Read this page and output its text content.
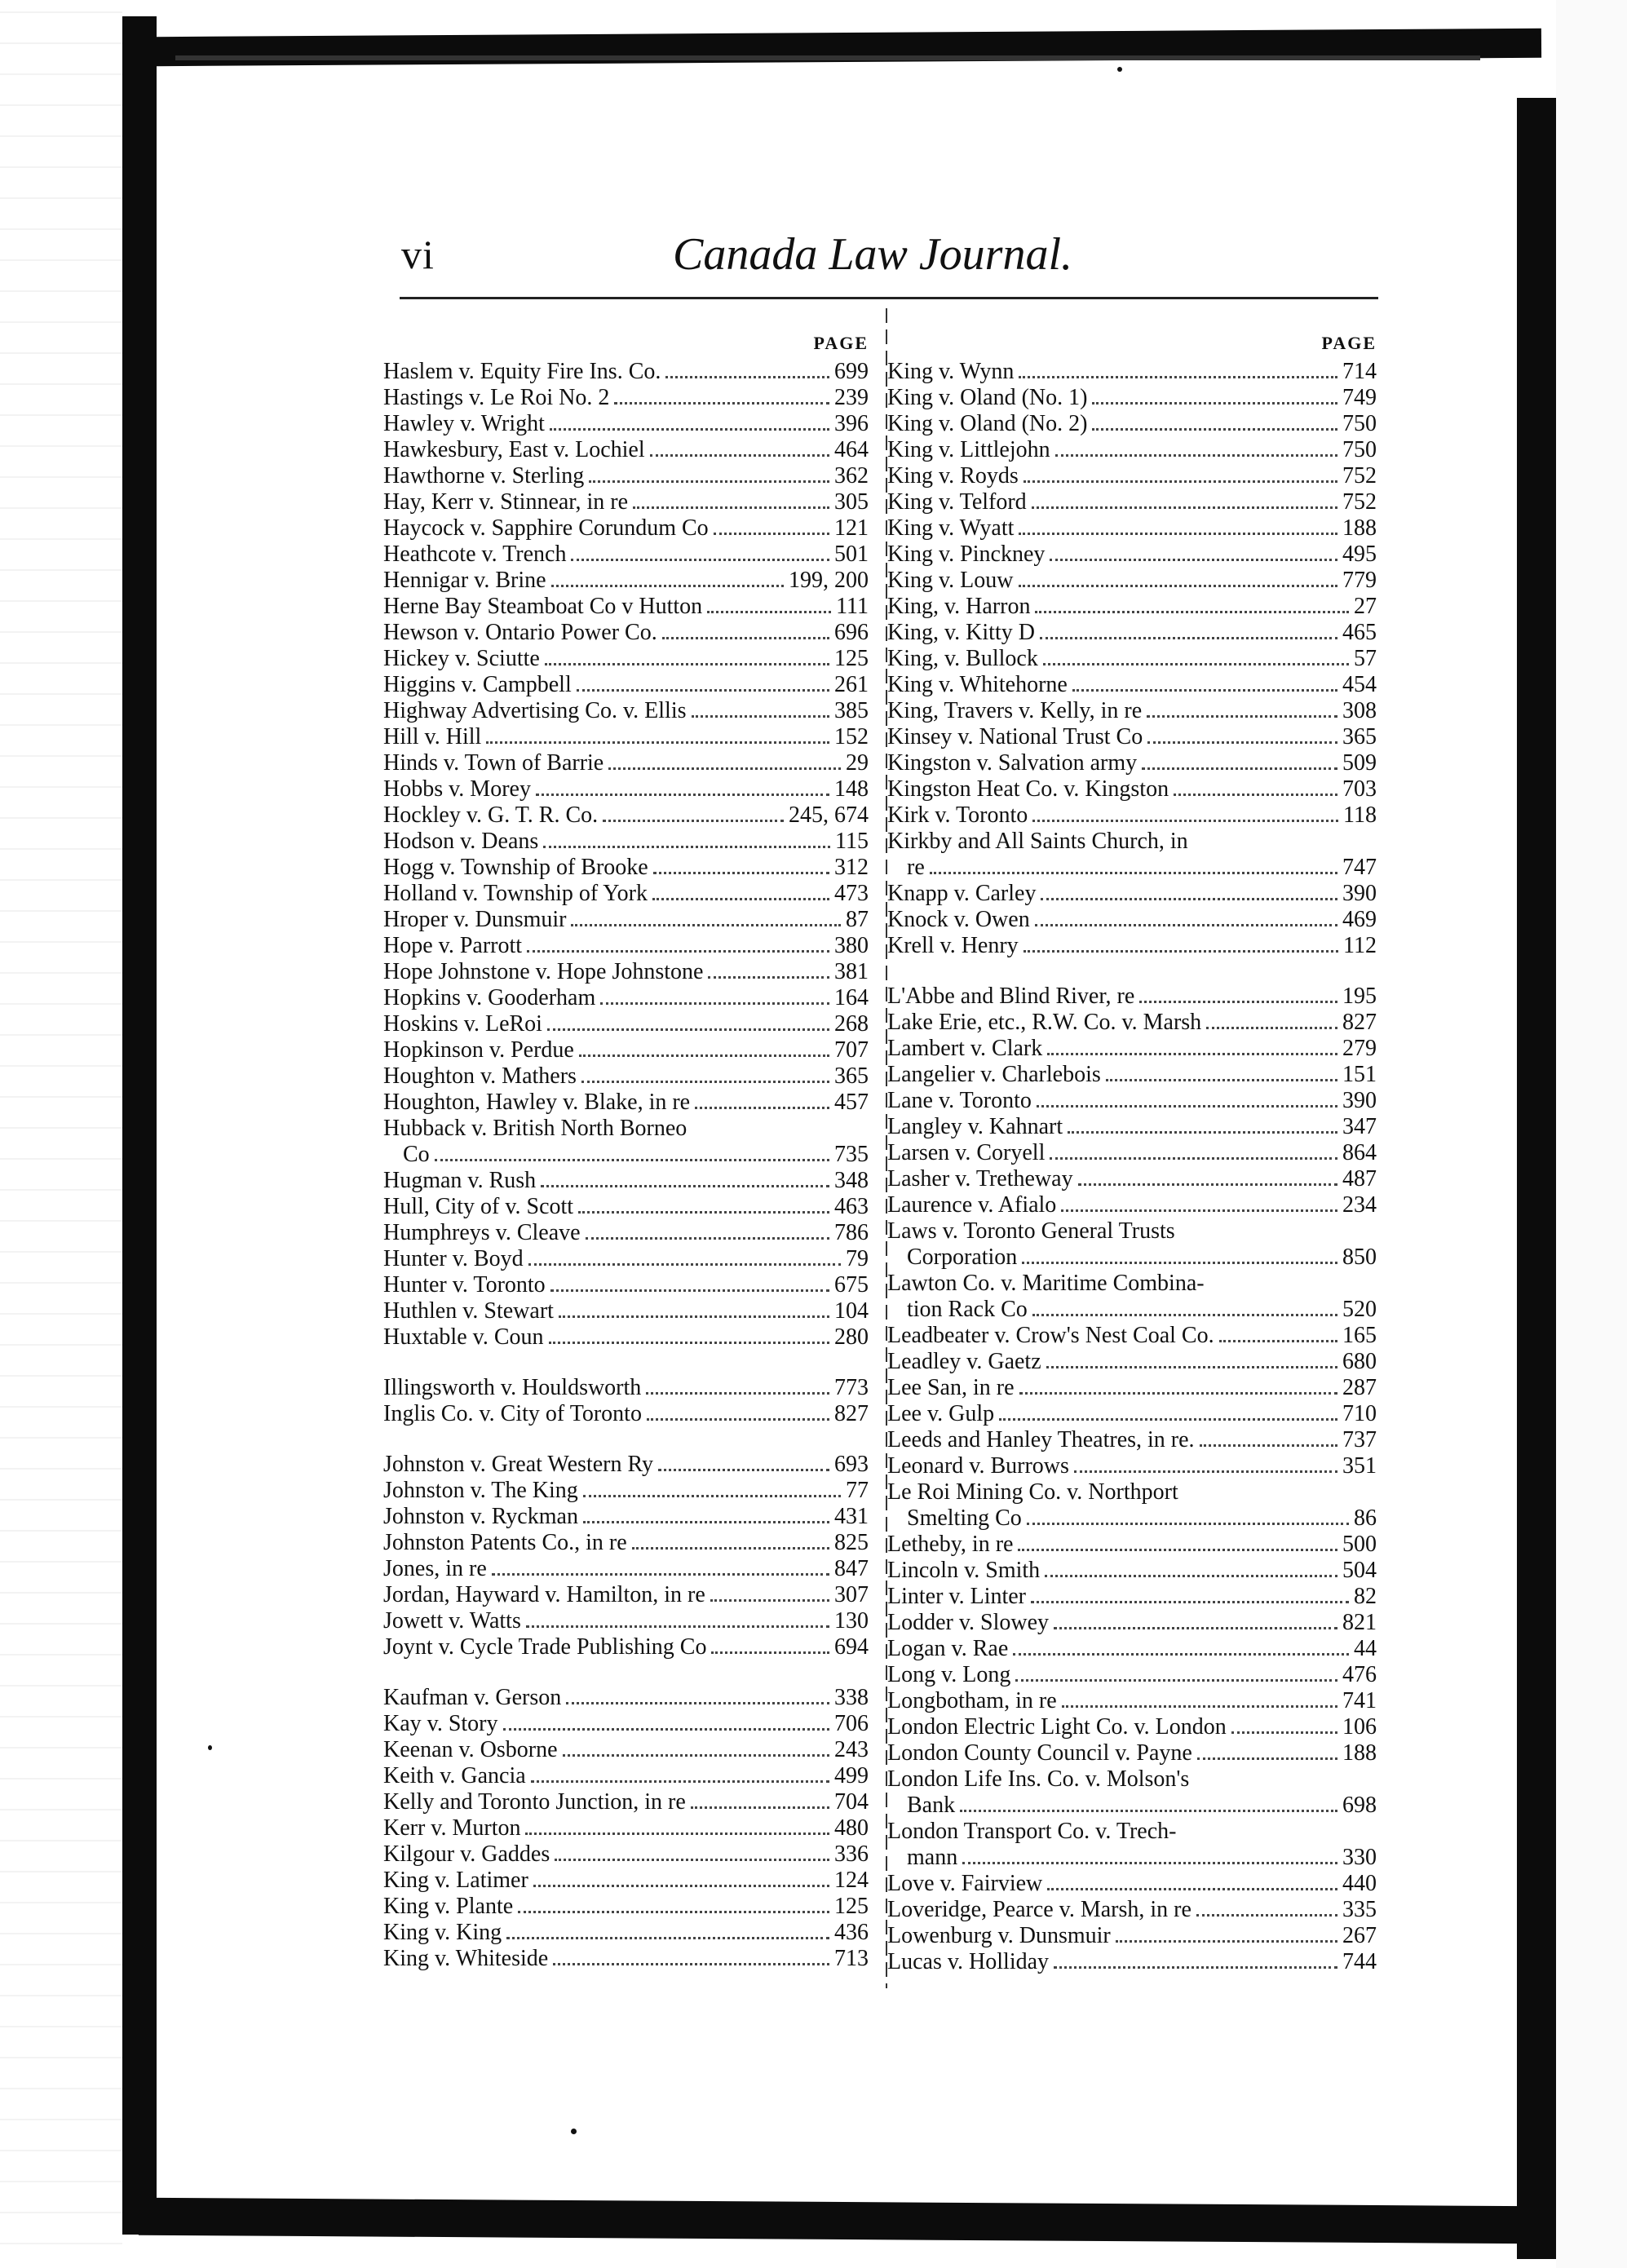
vi	Canada Law Journal.
PAGE
Haslem v. Equity Fire Ins. Co.	699
Hastings v. Le Roi No. 2	239
Hawley v. Wright	396
Hawkesbury, East v. Lochiel	464
Hawthorne v. Sterling	362
Hay, Kerr v. Stinnear, in re	305
Haycock v. Sapphire Corundum Co	121
Heathcote v. Trench	501
Hennigar v. Brine	199, 200
Herne Bay Steamboat Co v Hutton	111
Hewson v. Ontario Power Co.	696
Hickey v. Sciutte	125
Higgins v. Campbell	261
Highway Advertising Co. v. Ellis	385
Hill v. Hill	152
Hinds v. Town of Barrie	29
Hobbs v. Morey	148
Hockley v. G. T. R. Co.	245, 674
Hodson v. Deans	115
Hogg v. Township of Brooke	312
Holland v. Township of York	473
Hroper v. Dunsmuir	87
Hope v. Parrott	380
Hope Johnstone v. Hope Johnstone	381
Hopkins v. Gooderham	164
Hoskins v. LeRoi	268
Hopkinson v. Perdue	707
Houghton v. Mathers	365
Houghton, Hawley v. Blake, in re	457
Hubback v. British North Borneo
Co	735
Hugman v. Rush	348
Hull, City of v. Scott	463
Humphreys v. Cleave	786
Hunter v. Boyd	79
Hunter v. Toronto	675
Huthlen v. Stewart	104
Huxtable v. Coun	280
Illingsworth v. Houldsworth	773
Inglis Co. v. City of Toronto	827
Johnston v. Great Western Ry	693
Johnston v. The King	77
Johnston v. Ryckman	431
Johnston Patents Co., in re	825
Jones, in re	847
Jordan, Hayward v. Hamilton, in re	307
Jowett v. Watts	130
Joynt v. Cycle Trade Publishing Co	694
Kaufman v. Gerson	338
Kay v. Story	706
Keenan v. Osborne	243
Keith v. Gancia	499
Kelly and Toronto Junction, in re	704
Kerr v. Murton	480
Kilgour v. Gaddes	336
King v. Latimer	124
King v. Plante	125
King v. King	436
King v. Whiteside	713
PAGE
King v. Wynn	714
King v. Oland (No. 1)	749
King v. Oland (No. 2)	750
King v. Littlejohn	750
King v. Royds	752
King v. Telford	752
King v. Wyatt	188
King v. Pinckney	495
King v. Louw	779
King, v. Harron	27
King, v. Kitty D	465
King, v. Bullock	57
King v. Whitehorne	454
King, Travers v. Kelly, in re	308
Kinsey v. National Trust Co	365
Kingston v. Salvation army	509
Kingston Heat Co. v. Kingston	703
Kirk v. Toronto	118
Kirkby and All Saints Church, in
re	747
Knapp v. Carley	390
Knock v. Owen	469
Krell v. Henry	112
L'Abbe and Blind River, re	195
Lake Erie, etc., R.W. Co. v. Marsh	827
Lambert v. Clark	279
Langelier v. Charlebois	151
Lane v. Toronto	390
Langley v. Kahnart	347
Larsen v. Coryell	864
Lasher v. Tretheway	487
Laurence v. Afialo	234
Laws v. Toronto General Trusts
Corporation	850
Lawton Co. v. Maritime Combina-
tion Rack Co	520
Leadbeater v. Crow's Nest Coal Co.	165
Leadley v. Gaetz	680
Lee San, in re	287
Lee v. Gulp	710
Leeds and Hanley Theatres, in re.	737
Leonard v. Burrows	351
Le Roi Mining Co. v. Northport
Smelting Co	86
Letheby, in re	500
Lincoln v. Smith	504
Linter v. Linter	82
Lodder v. Slowey	821
Logan v. Rae	44
Long v. Long	476
Longbotham, in re	741
London Electric Light Co. v. London	106
London County Council v. Payne	188
London Life Ins. Co. v. Molson's
Bank	698
London Transport Co. v. Trech-
mann	330
Love v. Fairview	440
Loveridge, Pearce v. Marsh, in re	335
Lowenburg v. Dunsmuir	267
Lucas v. Holliday	744
